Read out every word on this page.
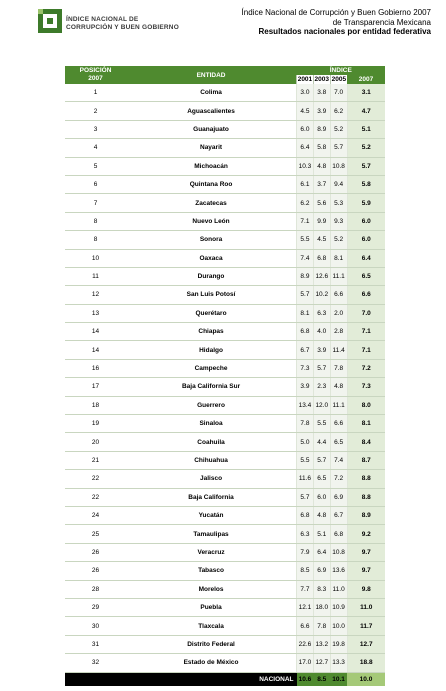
ÍNDICE NACIONAL DE
CORRUPCIÓN Y BUEN GOBIERNO
Índice Nacional de Corrupción y Buen Gobierno 2007
de Transparencia Mexicana
Resultados nacionales por entidad federativa
POSICIÓN
2007	ENTIDAD	ÍNDICE			
		2001	2003	2005	2007
1	Colima	3.0	3.8	7.0	3.1
2	Aguascalientes	4.5	3.9	6.2	4.7
3	Guanajuato	6.0	8.9	5.2	5.1
4	Nayarit	6.4	5.8	5.7	5.2
5	Michoacán	10.3	4.8	10.8	5.7
6	Quintana Roo	6.1	3.7	9.4	5.8
7	Zacatecas	6.2	5.6	5.3	5.9
8	Nuevo León	7.1	9.9	9.3	6.0
8	Sonora	5.5	4.5	5.2	6.0
10	Oaxaca	7.4	6.8	8.1	6.4
11	Durango	8.9	12.6	11.1	6.5
12	San Luis Potosí	5.7	10.2	6.6	6.6
13	Querétaro	8.1	6.3	2.0	7.0
14	Chiapas	6.8	4.0	2.8	7.1
14	Hidalgo	6.7	3.9	11.4	7.1
16	Campeche	7.3	5.7	7.8	7.2
17	Baja California Sur	3.9	2.3	4.8	7.3
18	Guerrero	13.4	12.0	11.1	8.0
19	Sinaloa	7.8	5.5	6.6	8.1
20	Coahuila	5.0	4.4	6.5	8.4
21	Chihuahua	5.5	5.7	7.4	8.7
22	Jalisco	11.6	6.5	7.2	8.8
22	Baja California	5.7	6.0	6.9	8.8
24	Yucatán	6.8	4.8	6.7	8.9
25	Tamaulipas	6.3	5.1	6.8	9.2
26	Veracruz	7.9	6.4	10.8	9.7
26	Tabasco	8.5	6.9	13.6	9.7
28	Morelos	7.7	8.3	11.0	9.8
29	Puebla	12.1	18.0	10.9	11.0
30	Tlaxcala	6.6	7.8	10.0	11.7
31	Distrito Federal	22.6	13.2	19.8	12.7
32	Estado de México	17.0	12.7	13.3	18.8
NACIONAL		10.6	8.5	10.1	10.0
